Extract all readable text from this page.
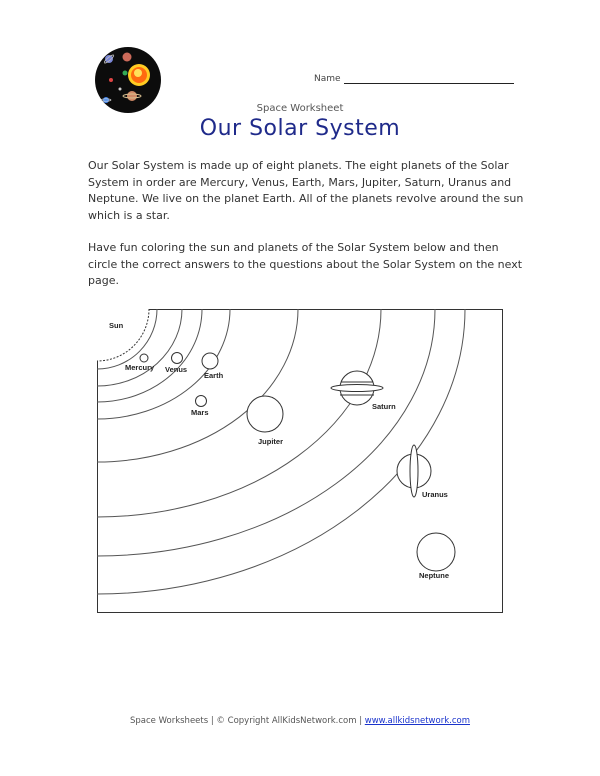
Name
Space Worksheet
Our Solar System

Our Solar System is made up of eight planets. The eight planets of the Solar System in order are Mercury, Venus, Earth, Mars, Jupiter, Saturn, Uranus and Neptune. We live on the planet Earth. All of the planets revolve around the sun which is a star.

Have fun coloring the sun and planets of the Solar System below and then circle the correct answers to the questions about the Solar System on the next page.

Sun
Mercury Venus
Earth
Mars
Jupiter
Saturn
Uranus
Neptune
Space Worksheets | © Copyright AllKidsNetwork.com | www.allkidsnetwork.com
